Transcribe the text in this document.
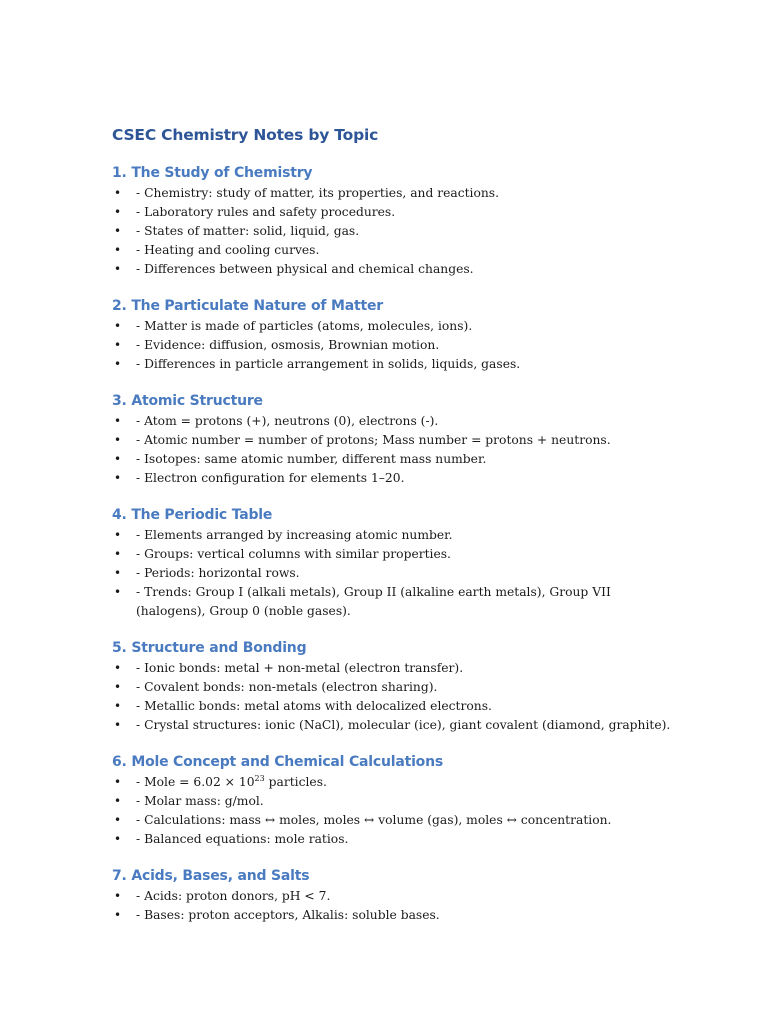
CSEC Chemistry Notes by Topic
1. The Study of Chemistry
• - Chemistry: study of matter, its properties, and reactions.
• - Laboratory rules and safety procedures.
• - States of matter: solid, liquid, gas.
• - Heating and cooling curves.
• - Differences between physical and chemical changes.
2. The Particulate Nature of Matter
• - Matter is made of particles (atoms, molecules, ions).
• - Evidence: diffusion, osmosis, Brownian motion.
• - Differences in particle arrangement in solids, liquids, gases.
3. Atomic Structure
• - Atom = protons (+), neutrons (0), electrons (-).
• - Atomic number = number of protons; Mass number = protons + neutrons.
• - Isotopes: same atomic number, different mass number.
• - Electron configuration for elements 1–20.
4. The Periodic Table
• - Elements arranged by increasing atomic number.
• - Groups: vertical columns with similar properties.
• - Periods: horizontal rows.
• - Trends: Group I (alkali metals), Group II (alkaline earth metals), Group VII (halogens), Group 0 (noble gases).
5. Structure and Bonding
• - Ionic bonds: metal + non-metal (electron transfer).
• - Covalent bonds: non-metals (electron sharing).
• - Metallic bonds: metal atoms with delocalized electrons.
• - Crystal structures: ionic (NaCl), molecular (ice), giant covalent (diamond, graphite).
6. Mole Concept and Chemical Calculations
• - Mole = $6.02 \times 10^{23}$ particles.
• - Molar mass: g/mol.
• - Calculations: mass ↔ moles, moles ↔ volume (gas), moles ↔ concentration.
• - Balanced equations: mole ratios.
7. Acids, Bases, and Salts
• - Acids: proton donors, pH < 7.
• - Bases: proton acceptors, Alkalis: soluble bases.
